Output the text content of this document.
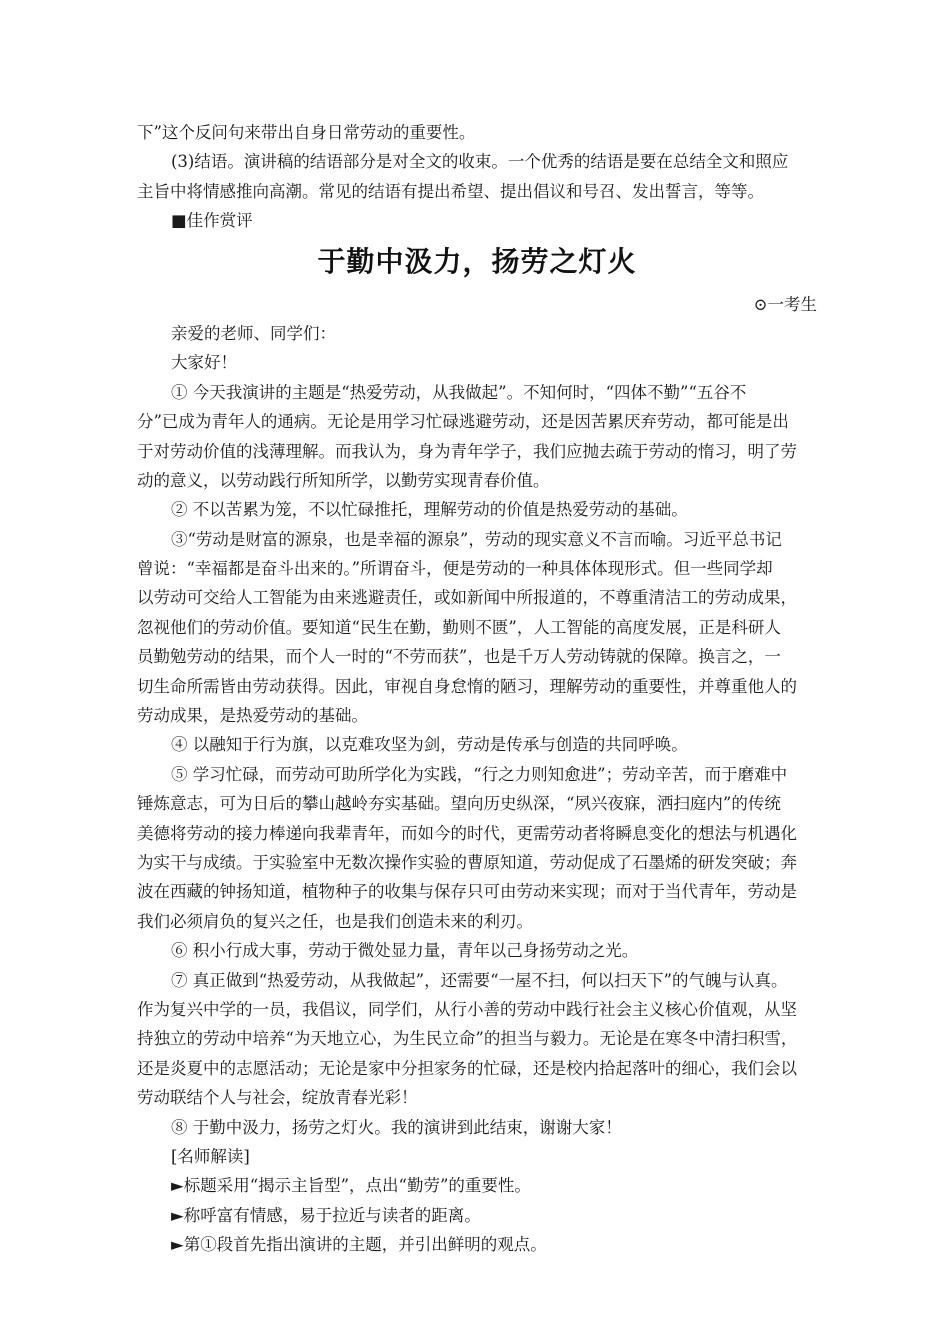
下”这个反问句来带出自身日常劳动的重要性。
(3)结语。演讲稿的结语部分是对全文的收束。一个优秀的结语是要在总结全文和照应
主旨中将情感推向高潮。常见的结语有提出希望、提出倡议和号召、发出誓言，等等。
■佳作赏评
于勤中汲力，扬劳之灯火
⊙一考生
亲爱的老师、同学们：
大家好！
① 今天我演讲的主题是“热爱劳动，从我做起”。不知何时，“四体不勤”“五谷不
分”已成为青年人的通病。无论是用学习忙碌逃避劳动，还是因苦累厌弃劳动，都可能是出
于对劳动价值的浅薄理解。而我认为，身为青年学子，我们应抛去疏于劳动的惰习，明了劳
动的意义，以劳动践行所知所学，以勤劳实现青春价值。
② 不以苦累为笼，不以忙碌推托，理解劳动的价值是热爱劳动的基础。
③“劳动是财富的源泉，也是幸福的源泉”，劳动的现实意义不言而喻。习近平总书记
曾说：“幸福都是奋斗出来的。”所谓奋斗，便是劳动的一种具体体现形式。但一些同学却
以劳动可交给人工智能为由来逃避责任，或如新闻中所报道的，不尊重清洁工的劳动成果，
忽视他们的劳动价值。要知道“民生在勤，勤则不匮”，人工智能的高度发展，正是科研人
员勤勉劳动的结果，而个人一时的“不劳而获”，也是千万人劳动铸就的保障。换言之，一
切生命所需皆由劳动获得。因此，审视自身怠惰的陋习，理解劳动的重要性，并尊重他人的
劳动成果，是热爱劳动的基础。
④ 以融知于行为旗，以克难攻坚为剑，劳动是传承与创造的共同呼唤。
⑤ 学习忙碌，而劳动可助所学化为实践，“行之力则知愈进”；劳动辛苦，而于磨难中
锤炼意志，可为日后的攀山越岭夯实基础。望向历史纵深，“夙兴夜寐，洒扫庭内”的传统
美德将劳动的接力棒递向我辈青年，而如今的时代，更需劳动者将瞬息变化的想法与机遇化
为实干与成绩。于实验室中无数次操作实验的曹原知道，劳动促成了石墨烯的研发突破；奔
波在西藏的钟扬知道，植物种子的收集与保存只可由劳动来实现；而对于当代青年，劳动是
我们必须肩负的复兴之任，也是我们创造未来的利刃。
⑥ 积小行成大事，劳动于微处显力量，青年以己身扬劳动之光。
⑦ 真正做到“热爱劳动，从我做起”，还需要“一屋不扫，何以扫天下”的气魄与认真。
作为复兴中学的一员，我倡议，同学们，从行小善的劳动中践行社会主义核心价值观，从坚
持独立的劳动中培养“为天地立心，为生民立命”的担当与毅力。无论是在寒冬中清扫积雪，
还是炎夏中的志愿活动；无论是家中分担家务的忙碌，还是校内拾起落叶的细心，我们会以
劳动联结个人与社会，绽放青春光彩！
⑧ 于勤中汲力，扬劳之灯火。我的演讲到此结束，谢谢大家！
[名师解读]
►标题采用“揭示主旨型”，点出“勤劳”的重要性。
►称呼富有情感，易于拉近与读者的距离。
►第①段首先指出演讲的主题，并引出鲜明的观点。
